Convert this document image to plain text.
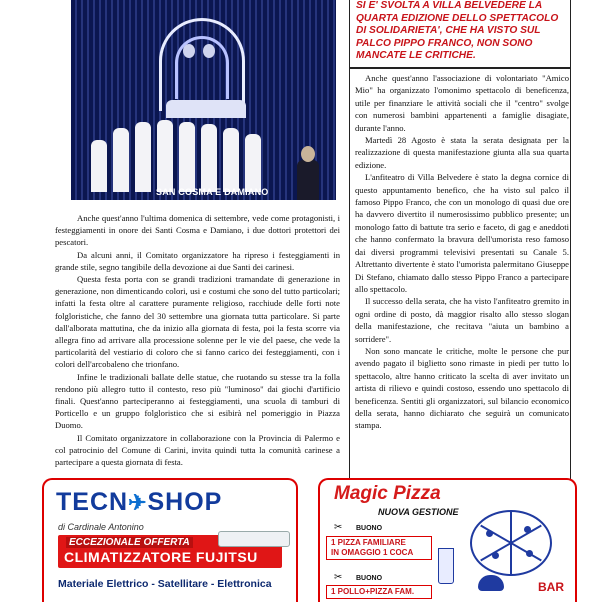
SAN COSMA E DAMIANO

Anche quest'anno l'ultima domenica di settembre, vede come protagonisti, i festeggiamenti in onore dei Santi Cosma e Damiano, i due dottori protettori dei pescatori.

Da alcuni anni, il Comitato organizzatore ha ripreso i festeggiamenti in grande stile, segno tangibile della devozione ai due Santi dei carinesi.

Questa festa porta con se grandi tradizioni tramandate di generazione in generazione, non dimenticando colori, usi e costumi che sono del tutto particolari; infatti la festa oltre al carattere puramente religioso, racchiude delle forti note folgloristiche, che fanno del 30 settembre una giornata tutta particolare. Si parte dall'alborata mattutina, che da inizio alla giornata di festa, poi la festa scorre via allegra fino ad arrivare alla processione solenne per le vie del paese, che vede la particolarità del vestiario di coloro che si fanno carico dei festeggiamenti, con i colori dell'arcobaleno che trionfano.

Infine le tradizionali ballate delle statue, che ruotando su stesse tra la folla rendono più allegro tutto il contesto, reso più "luminoso" dai giochi d'artificio finali. Quest'anno parteciperanno ai festeggiamenti, una scuola di tamburi di Porticello e un gruppo folgloristico che si esibirà nel pomeriggio in Piazza Duomo.

Il Comitato organizzatore in collaborazione con la Provincia di Palermo e col patrocinio del Comune di Carini, invita quindi tutta la comunità carinese a partecipare a questa giornata di festa.

SI E' SVOLTA A VILLA BELVEDERE LA QUARTA EDIZIONE DELLO SPETTACOLO DI SOLIDARIETA', CHE HA VISTO SUL PALCO PIPPO FRANCO, NON SONO MANCATE LE CRITICHE.

Anche quest'anno l'associazione di volontariato "Amico Mio" ha organizzato l'omonimo spettacolo di beneficenza, utile per finanziare le attività sociali che il "centro" svolge con numerosi bambini appartenenti a famiglie disagiate, durante l'anno.

Martedì 28 Agosto è stata la serata designata per la realizzazione di questa manifestazione giunta alla sua quarta edizione.

L'anfiteatro di Villa Belvedere è stato la degna cornice di questo appuntamento benefico, che ha visto sul palco il famoso Pippo Franco, che con un monologo di quasi due ore ha davvero divertito il numerosissimo pubblico presente; un monologo fatto di battute tra serio e faceto, di gag e aneddoti che hanno confermato la bravura dell'umorista reso famoso dai diversi programmi televisivi presentati su Canale 5. Altrettanto divertente è stato l'umorista palermitano Giuseppe Di Stefano, chiamato dallo stesso Pippo Franco a partecipare allo spettacolo.

Il successo della serata, che ha visto l'anfiteatro gremito in ogni ordine di posto, dà maggior risalto allo stesso slogan della manifestazione, che recitava "aiuta un bambino a sorridere".

Non sono mancate le critiche, molte le persone che pur avendo pagato il biglietto sono rimaste in piedi per tutto lo spettacolo, altre hanno criticato la scelta di aver invitato un artista di rilievo e quindi costoso, essendo uno spettacolo di beneficenza. Sentiti gli organizzatori, sul bilancio economico della serata, hanno dichiarato che seguirà un comunicato stampa.

TECN✈SHOP
di Cardinale Antonino
ECCEZIONALE OFFERTA
CLIMATIZZATORE FUJITSU
Materiale Elettrico - Satellitare - Elettronica
Magic Pizza
NUOVA GESTIONE
✂ BUONO
1 PIZZA FAMILIARE
IN OMAGGIO 1 COCA
✂ BUONO
1 POLLO+PIZZA FAM.	BAR
